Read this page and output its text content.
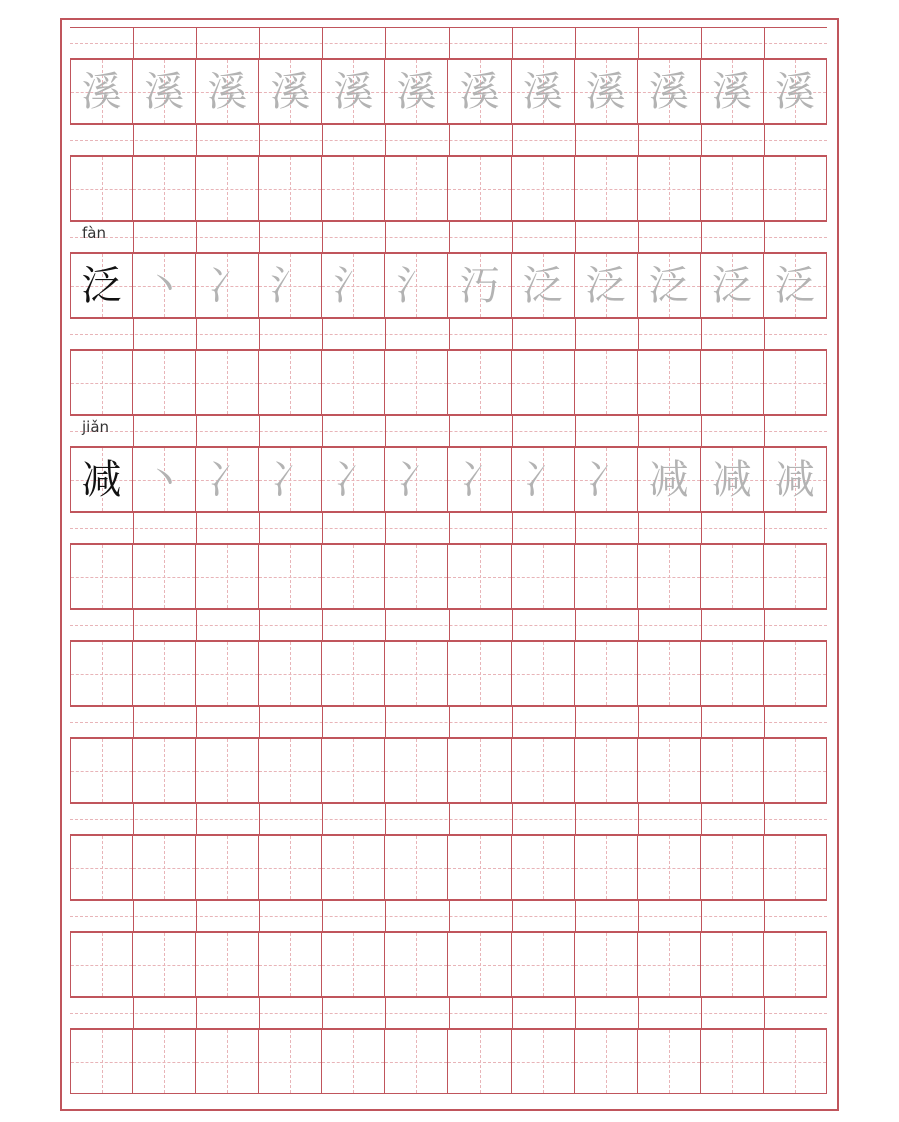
溪 溪 溪 溪 溪 溪 溪 溪 溪 溪 溪 溪
fàn
泛 丶 冫 氵 氵 氵 汅 泛 泛 泛 泛 泛
jiǎn
减 丶 冫 冫 冫 冫 冫 冫 冫 减 减 减
